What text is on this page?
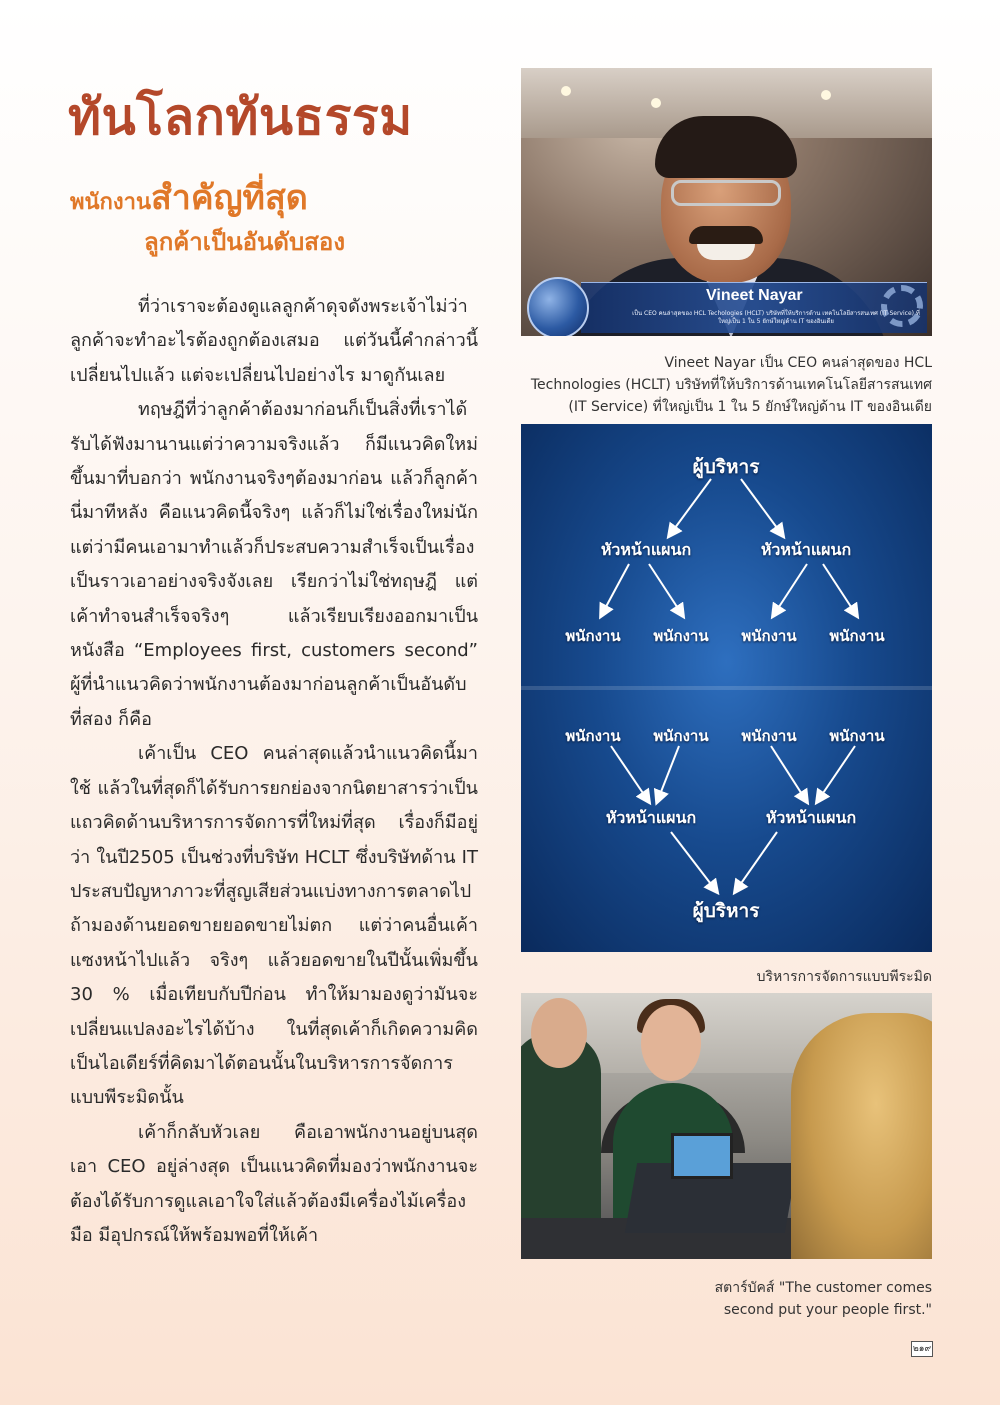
ทันโลกทันธรรม
พนักงานสำคัญที่สุด
ลูกค้าเป็นอันดับสอง

ที่ว่าเราจะต้องดูแลลูกค้าดุจดังพระเจ้าไม่ว่าลูกค้าจะทำอะไรต้องถูกต้องเสมอ แต่วันนี้คำกล่าวนี้เปลี่ยนไปแล้ว แต่จะเปลี่ยนไปอย่างไร มาดูกันเลย

ทฤษฎีที่ว่าลูกค้าต้องมาก่อนก็เป็นสิ่งที่เราได้รับได้ฟังมานานแต่ว่าความจริงแล้ว ก็มีแนวคิดใหม่ขึ้นมาที่บอกว่า พนักงานจริงๆต้องมาก่อน แล้วก็ลูกค้านี่มาทีหลัง คือแนวคิดนี้จริงๆ แล้วก็ไม่ใช่เรื่องใหม่นัก แต่ว่ามีคนเอามาทำแล้วก็ประสบความสำเร็จเป็นเรื่องเป็นราวเอาอย่างจริงจังเลย เรียกว่าไม่ใช่ทฤษฎี แต่เค้าทำจนสำเร็จจริงๆ แล้วเรียบเรียงออกมาเป็นหนังสือ “Employees first, customers second” ผู้ที่นำแนวคิดว่าพนักงานต้องมาก่อนลูกค้าเป็นอันดับที่สอง ก็คือ

เค้าเป็น CEO คนล่าสุดแล้วนำแนวคิดนี้มาใช้ แล้วในที่สุดก็ได้รับการยกย่องจากนิตยาสารว่าเป็นแถวคิดด้านบริหารการจัดการที่ใหม่ที่สุด เรื่องก็มีอยู่ว่า ในปี2505 เป็นช่วงที่บริษัท HCLT ซึ่งบริษัทด้าน IT ประสบปัญหาภาวะที่สูญเสียส่วนแบ่งทางการตลาดไป ถ้ามองด้านยอดขายยอดขายไม่ตก แต่ว่าคนอื่นเค้าแซงหน้าไปแล้ว จริงๆ แล้วยอดขายในปีนั้นเพิ่มขึ้น 30 % เมื่อเทียบกับปีก่อน ทำให้มามองดูว่ามันจะเปลี่ยนแปลงอะไรได้บ้าง ในที่สุดเค้าก็เกิดความคิด เป็นไอเดียร์ที่คิดมาได้ตอนนั้นในบริหารการจัดการแบบพีระมิดนั้น

เค้าก็กลับหัวเลย คือเอาพนักงานอยู่บนสุด เอา CEO อยู่ล่างสุด เป็นแนวคิดที่มองว่าพนักงานจะต้องได้รับการดูแลเอาใจใส่แล้วต้องมีเครื่องไม้เครื่องมือ มีอุปกรณ์ให้พร้อมพอที่ให้เค้า

Vineet Nayar
เป็น CEO คนล่าสุดของ HCL Techologies (HCLT) บริษัทที่ให้บริการด้าน เทคโนโลยีสารสนเทศ (IT Service) ที่ใหญ่เป็น 1 ใน 5 ยักษ์ใหญ่ด้าน IT ของอินเดีย
Vineet Nayar เป็น CEO คนล่าสุดของ HCL
Technologies (HCLT) บริษัทที่ให้บริการด้านเทคโนโลยีสารสนเทศ
(IT Service) ที่ใหญ่เป็น 1 ใน 5 ยักษ์ใหญ่ด้าน IT ของอินเดีย
ผู้บริหาร
หัวหน้าแผนก	หัวหน้าแผนก
พนักงาน พนักงาน พนักงาน พนักงาน
พนักงาน พนักงาน พนักงาน พนักงาน
หัวหน้าแผนก	หัวหน้าแผนก
ผู้บริหาร
บริหารการจัดการแบบพีระมิด
สตาร์บัคส์ "The customer comes
second put your people first."
๒๑๙
